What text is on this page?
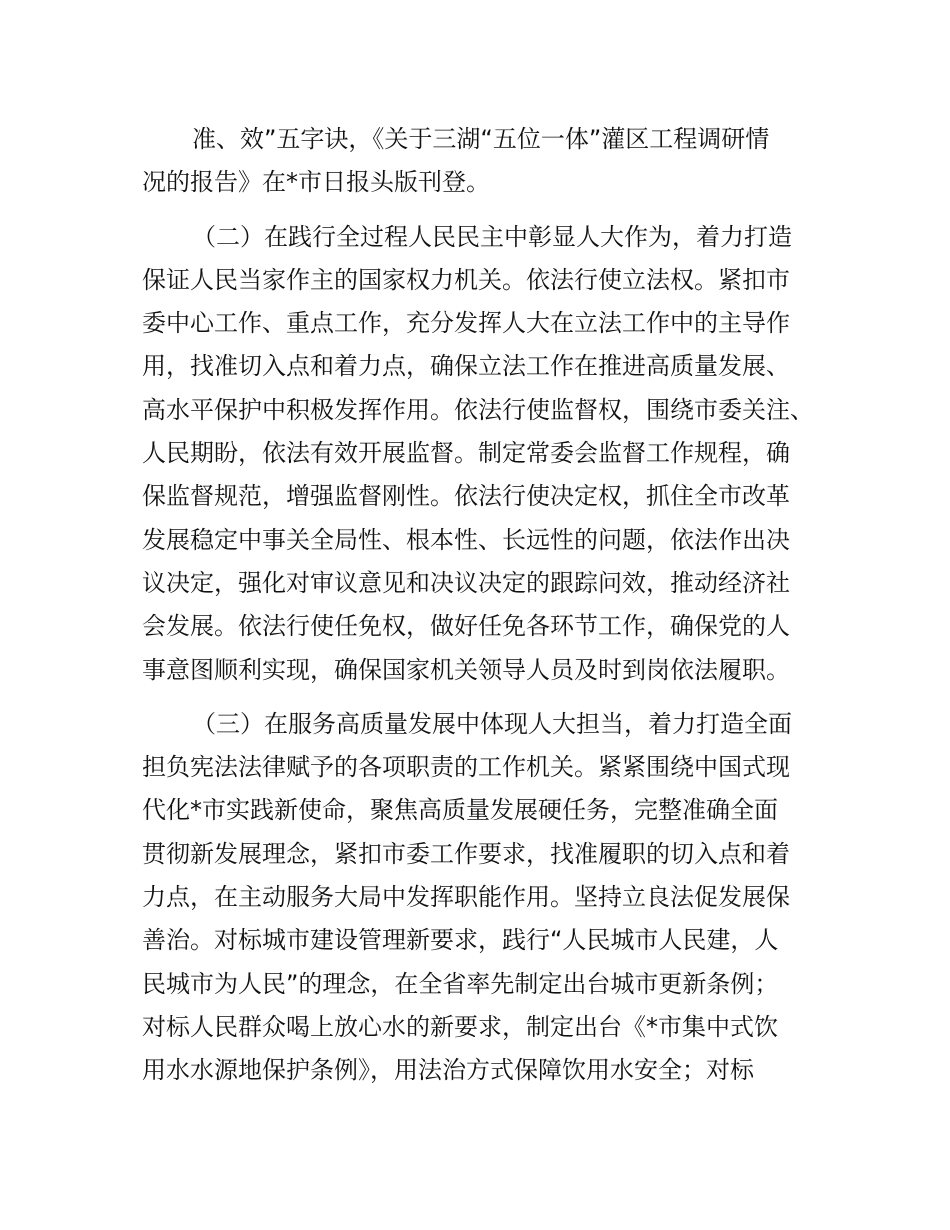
准、效”五字诀，《关于三湖“五位一体”灌区工程调研情
况的报告》在*市日报头版刊登。
（二）在践行全过程人民民主中彰显人大作为，着力打造
保证人民当家作主的国家权力机关。依法行使立法权。紧扣市
委中心工作、重点工作，充分发挥人大在立法工作中的主导作
用，找准切入点和着力点，确保立法工作在推进高质量发展、
高水平保护中积极发挥作用。依法行使监督权，围绕市委关注、
人民期盼，依法有效开展监督。制定常委会监督工作规程，确
保监督规范，增强监督刚性。依法行使决定权，抓住全市改革
发展稳定中事关全局性、根本性、长远性的问题，依法作出决
议决定，强化对审议意见和决议决定的跟踪问效，推动经济社
会发展。依法行使任免权，做好任免各环节工作，确保党的人
事意图顺利实现，确保国家机关领导人员及时到岗依法履职。
（三）在服务高质量发展中体现人大担当，着力打造全面
担负宪法法律赋予的各项职责的工作机关。紧紧围绕中国式现
代化*市实践新使命，聚焦高质量发展硬任务，完整准确全面
贯彻新发展理念，紧扣市委工作要求，找准履职的切入点和着
力点，在主动服务大局中发挥职能作用。坚持立良法促发展保
善治。对标城市建设管理新要求，践行“人民城市人民建，人
民城市为人民”的理念，在全省率先制定出台城市更新条例；
对标人民群众喝上放心水的新要求，制定出台《*市集中式饮
用水水源地保护条例》，用法治方式保障饮用水安全；对标
